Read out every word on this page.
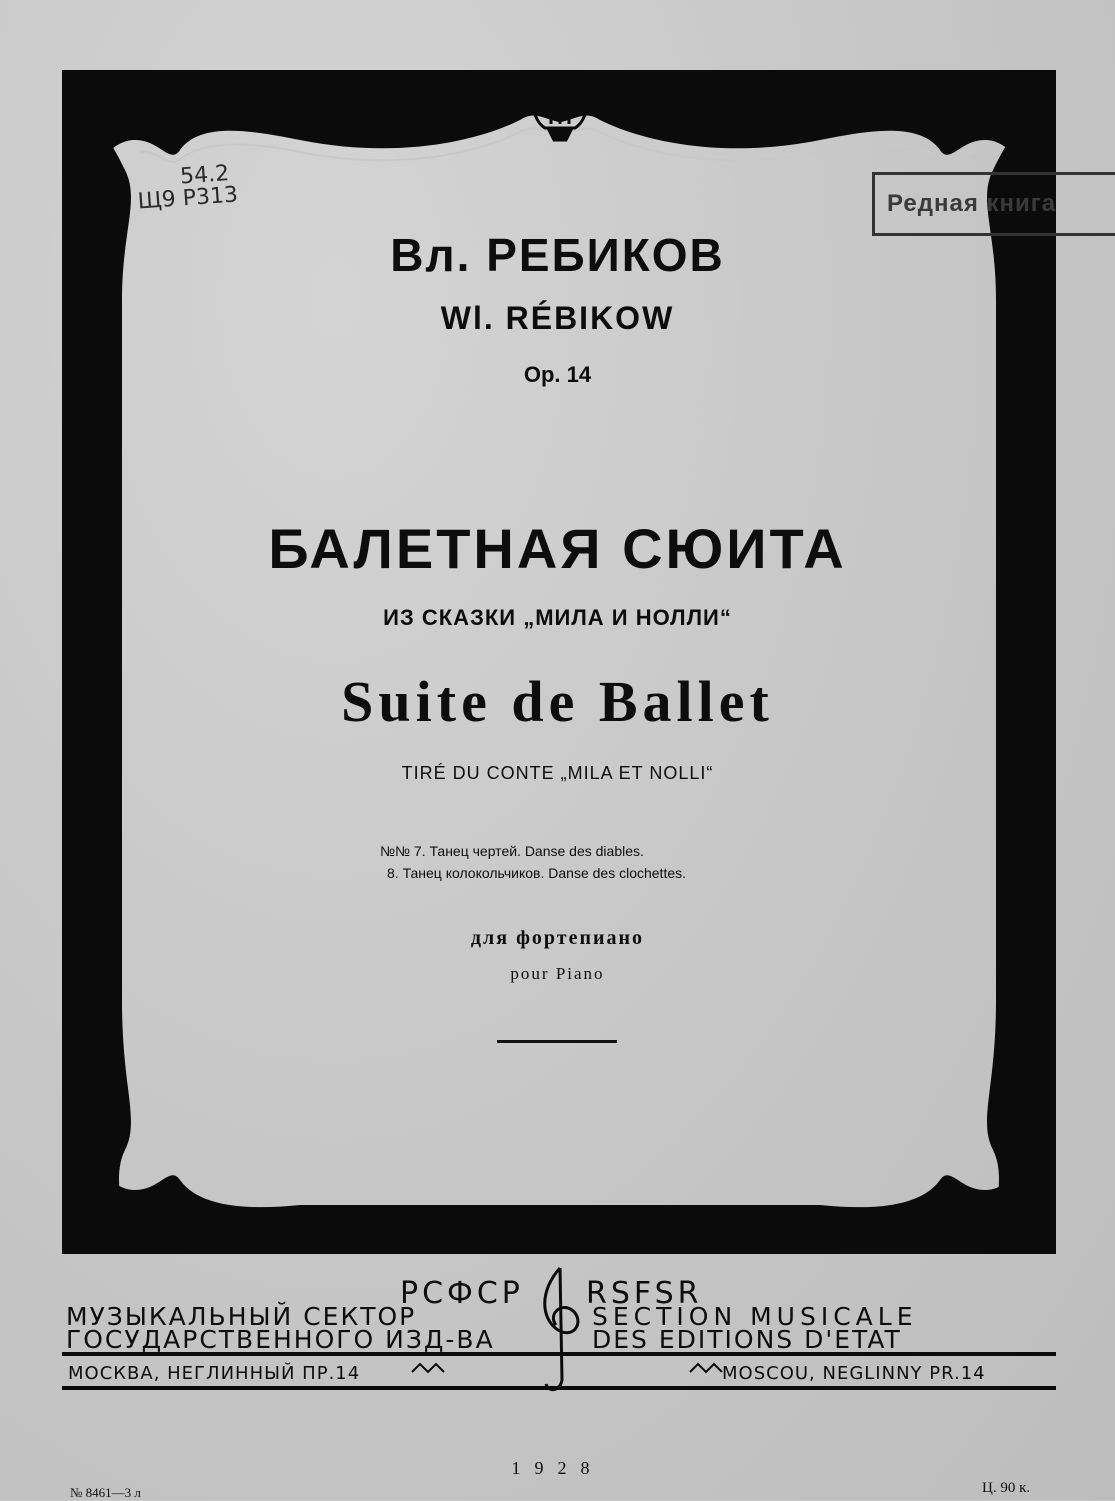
54.2
Щ9 Р313	Редная книга
Вл. РЕБИКОВ
Wl. RÉBIKOW
Op. 14
БАЛЕТНАЯ СЮИТА
ИЗ СКАЗКИ „МИЛА И НОЛЛИ“
Suite de Ballet
TIRÉ DU CONTE „MILA ET NOLLI“
№№ 7. Танец чертей. Danse des diables.
8. Танец колокольчиков. Danse des clochettes.
для фортепиано
pour Piano
РСФСР RSFSR
МУЗЫКАЛЬНЫЙ СЕКТОР
ГОСУДАРСТВЕННОГО ИЗД-ВА
SECTION MUSICALE
DES EDITIONS D'ETAT
МОСКВА, НЕГЛИННЫЙ ПР.14	MOSCOU, NEGLINNY PR.14
1928
№ 8461—3 л	Ц. 90 к.
